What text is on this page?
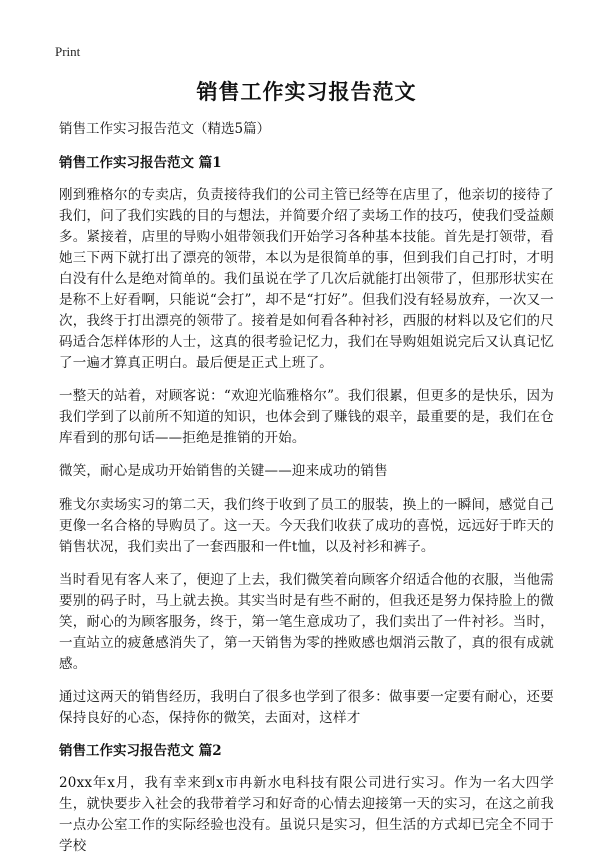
Print
销售工作实习报告范文
销售工作实习报告范文（精选5篇）
销售工作实习报告范文 篇1

刚到雅格尔的专卖店，负责接待我们的公司主管已经等在店里了，他亲切的接待了我们，问了我们实践的目的与想法，并简要介绍了卖场工作的技巧，使我们受益颇多。紧接着，店里的导购小姐带领我们开始学习各种基本技能。首先是打领带，看她三下两下就打出了漂亮的领带，本以为是很简单的事，但到我们自己打时，才明白没有什么是绝对简单的。我们虽说在学了几次后就能打出领带了，但那形状实在是称不上好看啊，只能说“会打”，却不是“打好”。但我们没有轻易放弃，一次又一次，我终于打出漂亮的领带了。接着是如何看各种衬衫，西服的材料以及它们的尺码适合怎样体形的人士，这真的很考验记忆力，我们在导购姐姐说完后又认真记忆了一遍才算真正明白。最后便是正式上班了。

一整天的站着，对顾客说：“欢迎光临雅格尔”。我们很累，但更多的是快乐，因为我们学到了以前所不知道的知识，也体会到了赚钱的艰辛，最重要的是，我们在仓库看到的那句话——拒绝是推销的开始。

微笑，耐心是成功开始销售的关键——迎来成功的销售

雅戈尔卖场实习的第二天，我们终于收到了员工的服装，换上的一瞬间，感觉自己更像一名合格的导购员了。这一天。今天我们收获了成功的喜悦，远远好于昨天的销售状况，我们卖出了一套西服和一件t恤，以及衬衫和裤子。

当时看见有客人来了，便迎了上去，我们微笑着向顾客介绍适合他的衣服，当他需要别的码子时，马上就去换。其实当时是有些不耐的，但我还是努力保持脸上的微笑，耐心的为顾客服务，终于，第一笔生意成功了，我们卖出了一件衬衫。当时，一直站立的疲惫感消失了，第一天销售为零的挫败感也烟消云散了，真的很有成就感。

通过这两天的销售经历，我明白了很多也学到了很多：做事要一定要有耐心，还要保持良好的心态，保持你的微笑，去面对，这样才

销售工作实习报告范文 篇2

20xx年x月，我有幸来到x市冉新水电科技有限公司进行实习。作为一名大四学生，就快要步入社会的我带着学习和好奇的心情去迎接第一天的实习，在这之前我一点办公室工作的实际经验也没有。虽说只是实习，但生活的方式却已完全不同于学校
